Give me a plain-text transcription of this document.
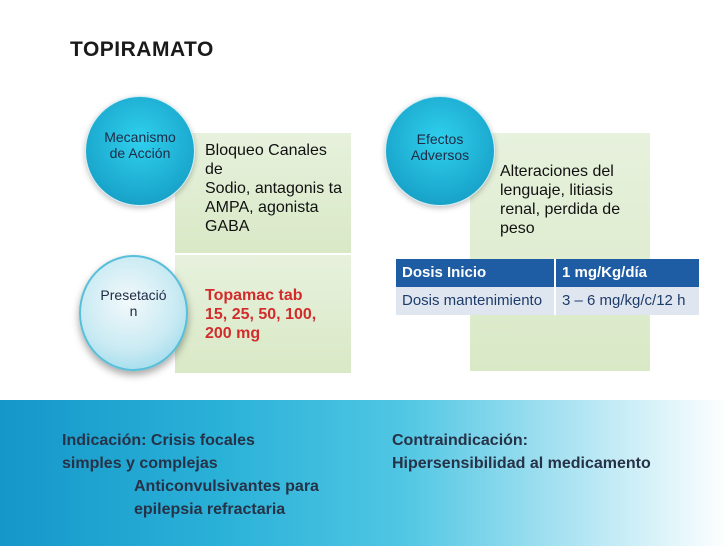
TOPIRAMATO
Mecanismo de Acción
Presetació n
Efectos Adversos
Bloqueo Canales de
Sodio, antagonis ta
AMPA, agonista GABA
Topamac tab
15, 25, 50, 100,
200 mg
Alteraciones del
lenguaje, litiasis
renal, perdida de
peso
Dosis Inicio	1 mg/Kg/día
Dosis mantenimiento	3 – 6 mg/kg/c/12 h
Indicación: Crisis focales
simples y complejas
Anticonvulsivantes para
epilepsia refractaria
Contraindicación:
Hipersensibilidad al medicamento
